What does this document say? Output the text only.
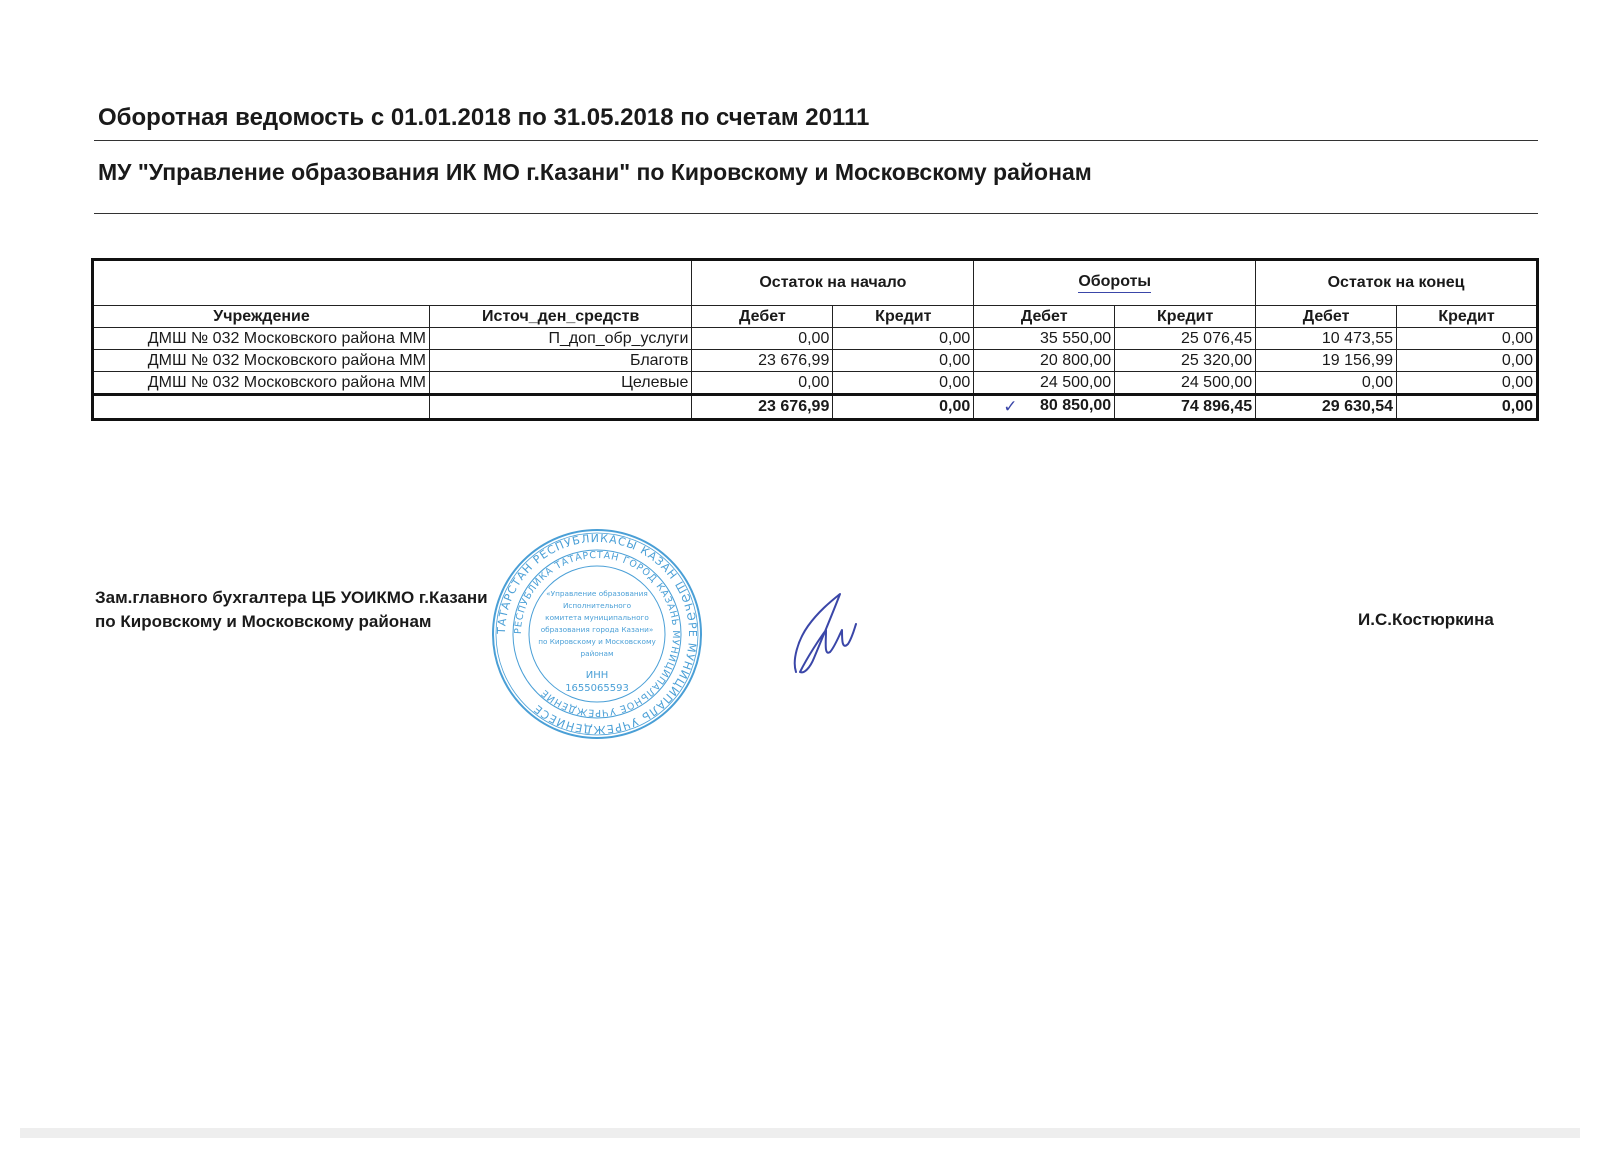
Оборотная ведомость с 01.01.2018 по 31.05.2018 по счетам 20111
МУ "Управление образования ИК МО г.Казани" по Кировскому и Московскому районам
		Остаток на начало		Обороты		Остаток на конец	
Учреждение	Источ_ден_средств	Дебет	Кредит	Дебет	Кредит	Дебет	Кредит
ДМШ № 032 Московского района ММ	П_доп_обр_услуги	0,00	0,00	35 550,00	25 076,45	10 473,55	0,00
ДМШ № 032 Московского района ММ	Благотв	23 676,99	0,00	20 800,00	25 320,00	19 156,99	0,00
ДМШ № 032 Московского района ММ	Целевые	0,00	0,00	24 500,00	24 500,00	0,00	0,00
		23 676,99	0,00	✓ 80 850,00	74 896,45	29 630,54	0,00
Зам.главного бухгалтера ЦБ УОИКМО г.Казани
по Кировскому и Московскому районам	ТАТАРСТАН РЕСПУБЛИКАСЫ КАЗАН ШӘҺӘРЕ МУНИЦИПАЛЬ УЧРЕЖДЕНИЕСЕ
РЕСПУБЛИКА ТАТАРСТАН ГОРОД КАЗАНЬ МУНИЦИПАЛЬНОЕ УЧРЕЖДЕНИЕ
«Управление образования
Исполнительного
комитета муниципального
образования города Казани»
по Кировскому и Московскому
районам
ИНН
1655065593
И.С.Костюркина
